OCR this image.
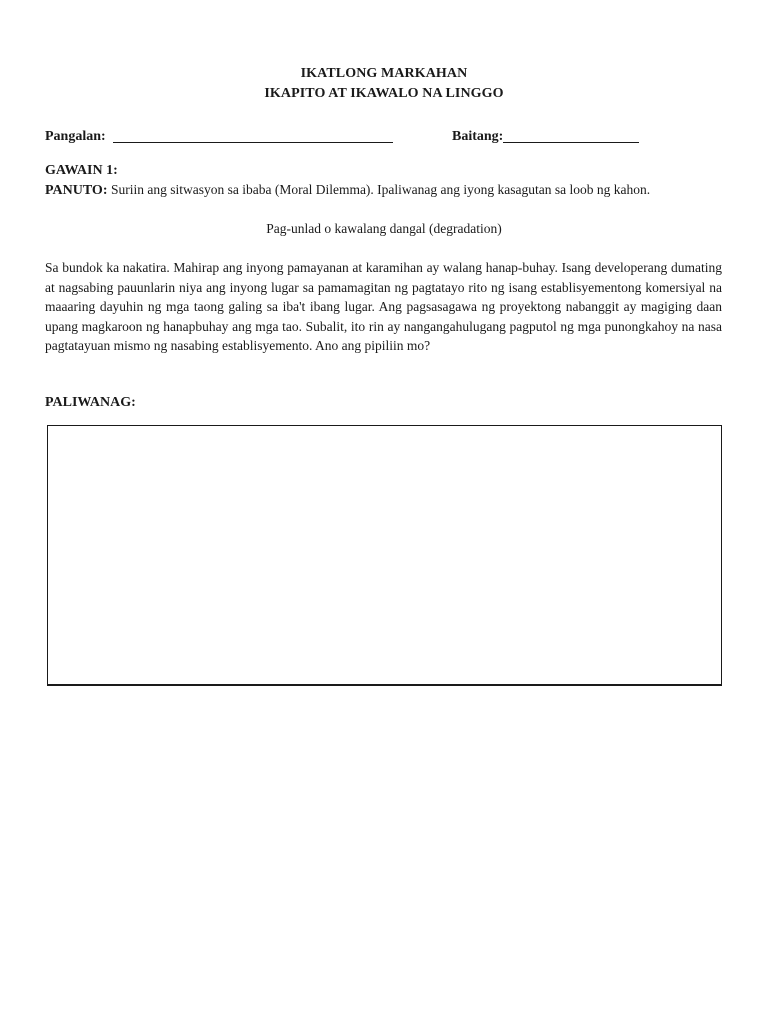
IKATLONG MARKAHAN
IKAPITO AT IKAWALO NA LINGGO
Pangalan:	Baitang:
GAWAIN 1:
PANUTO: Suriin ang sitwasyon sa ibaba (Moral Dilemma). Ipaliwanag ang iyong kasagutan sa loob ng kahon.
Pag-unlad o kawalang dangal (degradation)
Sa bundok ka nakatira. Mahirap ang inyong pamayanan at karamihan ay walang hanap-buhay. Isang developerang dumating at nagsabing pauunlarin niya ang inyong lugar sa pamamagitan ng pagtatayo rito ng isang establisyementong komersiyal na maaaring dayuhin ng mga taong galing sa iba't ibang lugar. Ang pagsasagawa ng proyektong nabanggit ay magiging daan upang magkaroon ng hanapbuhay ang mga tao. Subalit, ito rin ay nangangahulugang pagputol ng mga punongkahoy na nasa pagtatayuan mismo ng nasabing establisyemento. Ano ang pipiliin mo?
PALIWANAG:
